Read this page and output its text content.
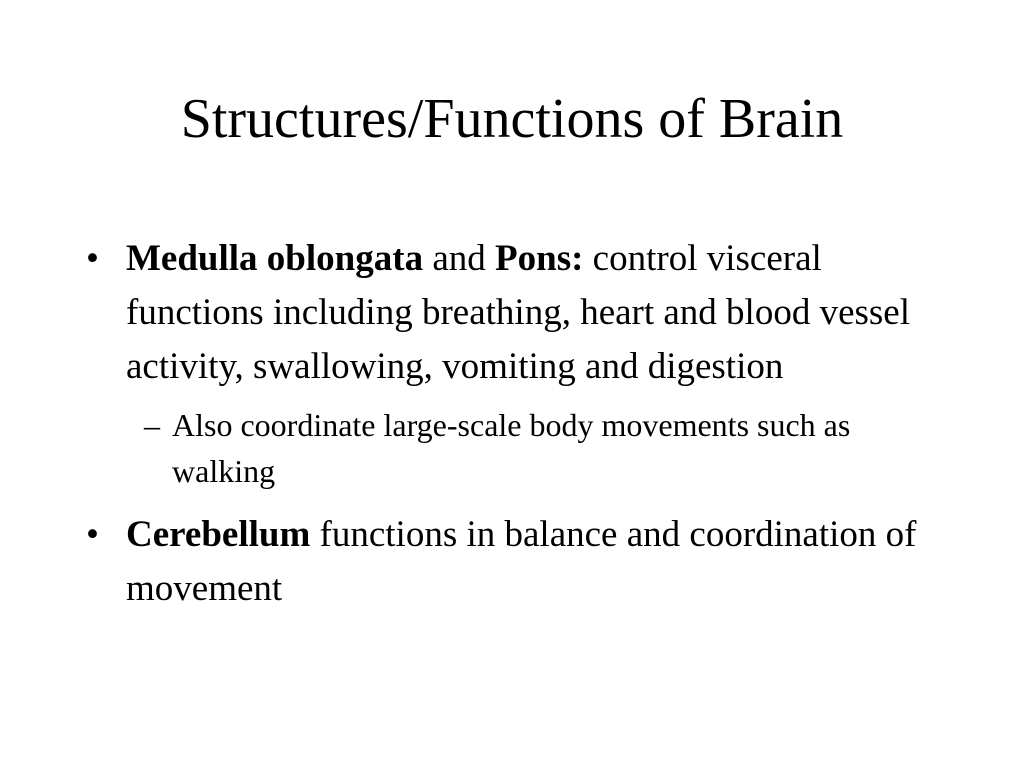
Structures/Functions of Brain

• Medulla oblongata and Pons: control visceral functions including breathing, heart and blood vessel activity, swallowing, vomiting and digestion

– Also coordinate large-scale body movements such as walking

• Cerebellum functions in balance and coordination of movement
